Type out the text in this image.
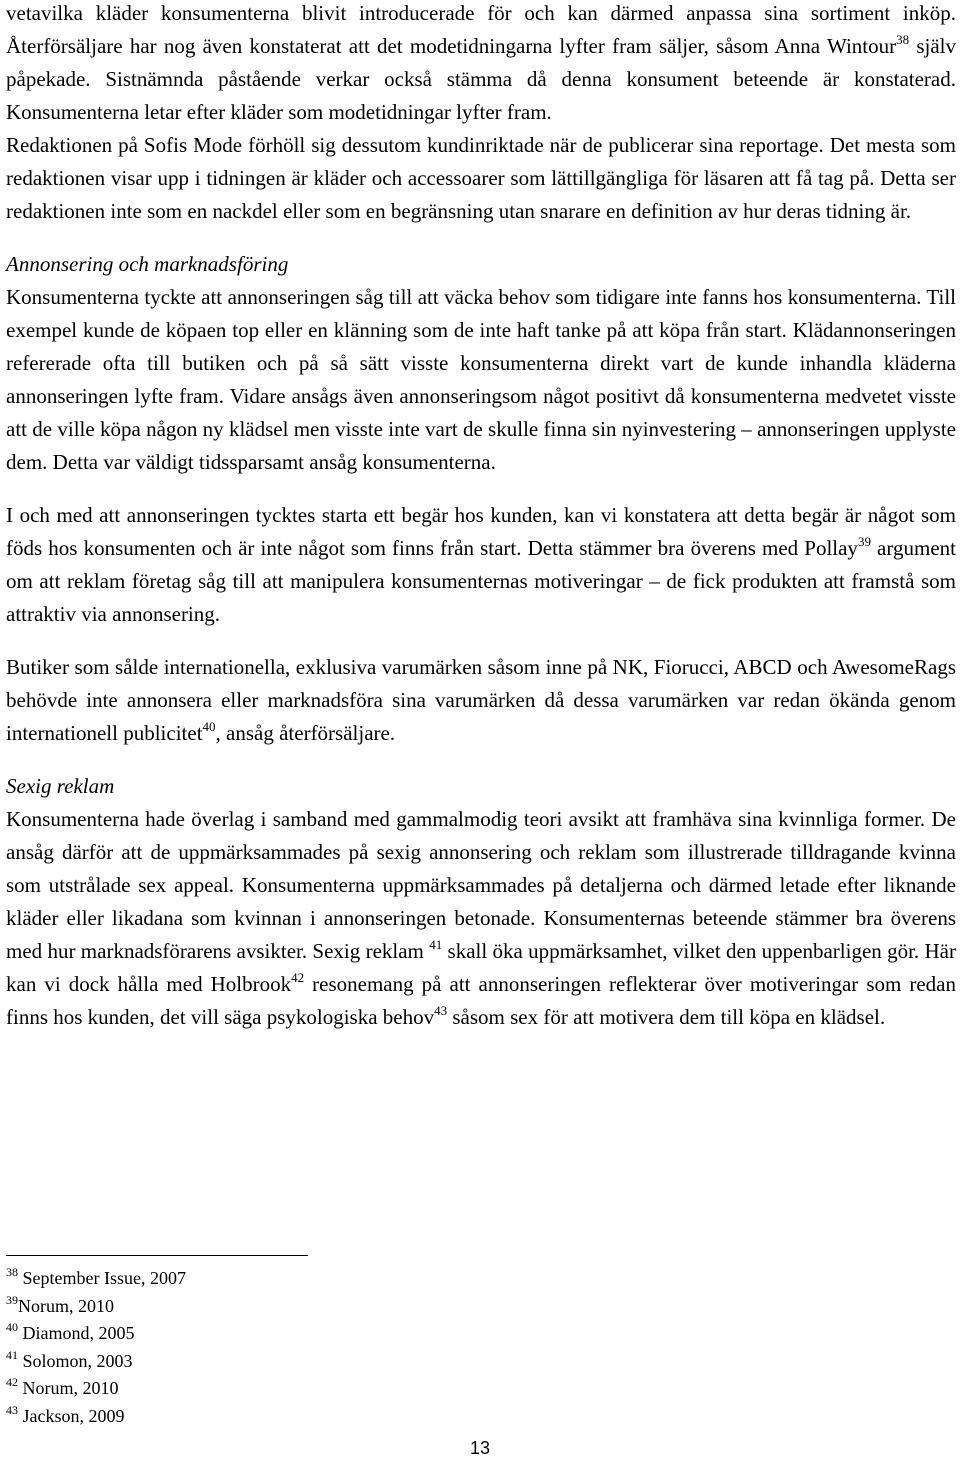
vetavilka kläder konsumenterna blivit introducerade för och kan därmed anpassa sina sortiment inköp. Återförsäljare har nog även konstaterat att det modetidningarna lyfter fram säljer, såsom Anna Wintour$^{38}$ själv påpekade. Sistnämnda påstående verkar också stämma då denna konsument beteende är konstaterad. Konsumenterna letar efter kläder som modetidningar lyfter fram.

Redaktionen på Sofis Mode förhöll sig dessutom kundinriktade när de publicerar sina reportage. Det mesta som redaktionen visar upp i tidningen är kläder och accessoarer som lättillgängliga för läsaren att få tag på. Detta ser redaktionen inte som en nackdel eller som en begränsning utan snarare en definition av hur deras tidning är.

Annonsering och marknadsföring

Konsumenterna tyckte att annonseringen såg till att väcka behov som tidigare inte fanns hos konsumenterna. Till exempel kunde de köpaen top eller en klänning som de inte haft tanke på att köpa från start. Klädannonseringen refererade ofta till butiken och på så sätt visste konsumenterna direkt vart de kunde inhandla kläderna annonseringen lyfte fram. Vidare ansågs även annonseringsom något positivt då konsumenterna medvetet visste att de ville köpa någon ny klädsel men visste inte vart de skulle finna sin nyinvestering – annonseringen upplyste dem. Detta var väldigt tidssparsamt ansåg konsumenterna.

I och med att annonseringen tycktes starta ett begär hos kunden, kan vi konstatera att detta begär är något som föds hos konsumenten och är inte något som finns från start. Detta stämmer bra överens med Pollay$^{39}$ argument om att reklam företag såg till att manipulera konsumenternas motiveringar – de fick produkten att framstå som attraktiv via annonsering.

Butiker som sålde internationella, exklusiva varumärken såsom inne på NK, Fiorucci, ABCD och AwesomeRags behövde inte annonsera eller marknadsföra sina varumärken då dessa varumärken var redan ökända genom internationell publicitet$^{40}$, ansåg återförsäljare.

Sexig reklam

Konsumenterna hade överlag i samband med gammalmodig teori avsikt att framhäva sina kvinnliga former. De ansåg därför att de uppmärksammades på sexig annonsering och reklam som illustrerade tilldragande kvinna som utstrålade sex appeal. Konsumenterna uppmärksammades på detaljerna och därmed letade efter liknande kläder eller likadana som kvinnan i annonseringen betonade. Konsumenternas beteende stämmer bra överens med hur marknadsförarens avsikter. Sexig reklam $^{41}$ skall öka uppmärksamhet, vilket den uppenbarligen gör. Här kan vi dock hålla med Holbrook$^{42}$ resonemang på att annonseringen reflekterar över motiveringar som redan finns hos kunden, det vill säga psykologiska behov$^{43}$ såsom sex för att motivera dem till köpa en klädsel.

$^{38}$ September Issue, 2007
$^{39}$Norum, 2010
$^{40}$ Diamond, 2005
$^{41}$ Solomon, 2003
$^{42}$ Norum, 2010
$^{43}$ Jackson, 2009
13
